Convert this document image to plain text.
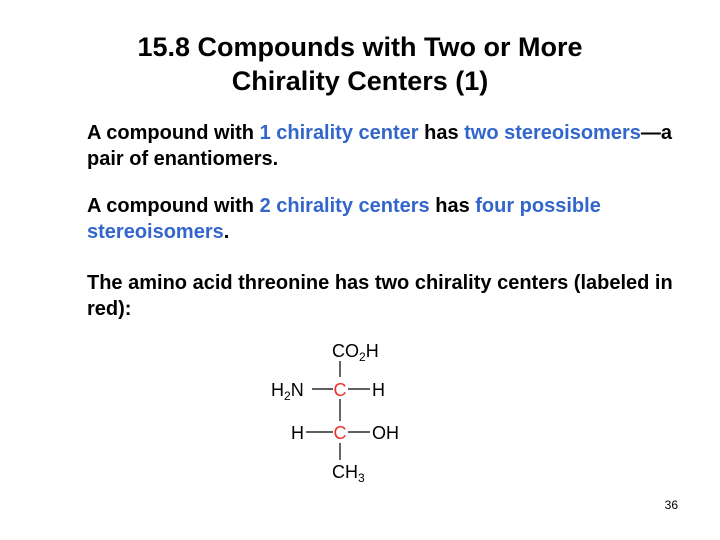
15.8 Compounds with Two or More
Chirality Centers (1)
A compound with 1 chirality center has two stereoisomers—a pair of enantiomers.
A compound with 2 chirality centers has four possible stereoisomers.
The amino acid threonine has two chirality centers (labeled in red):
$CO_2H$
$H_2N$ C H
H C OH
$CH_3$
36
